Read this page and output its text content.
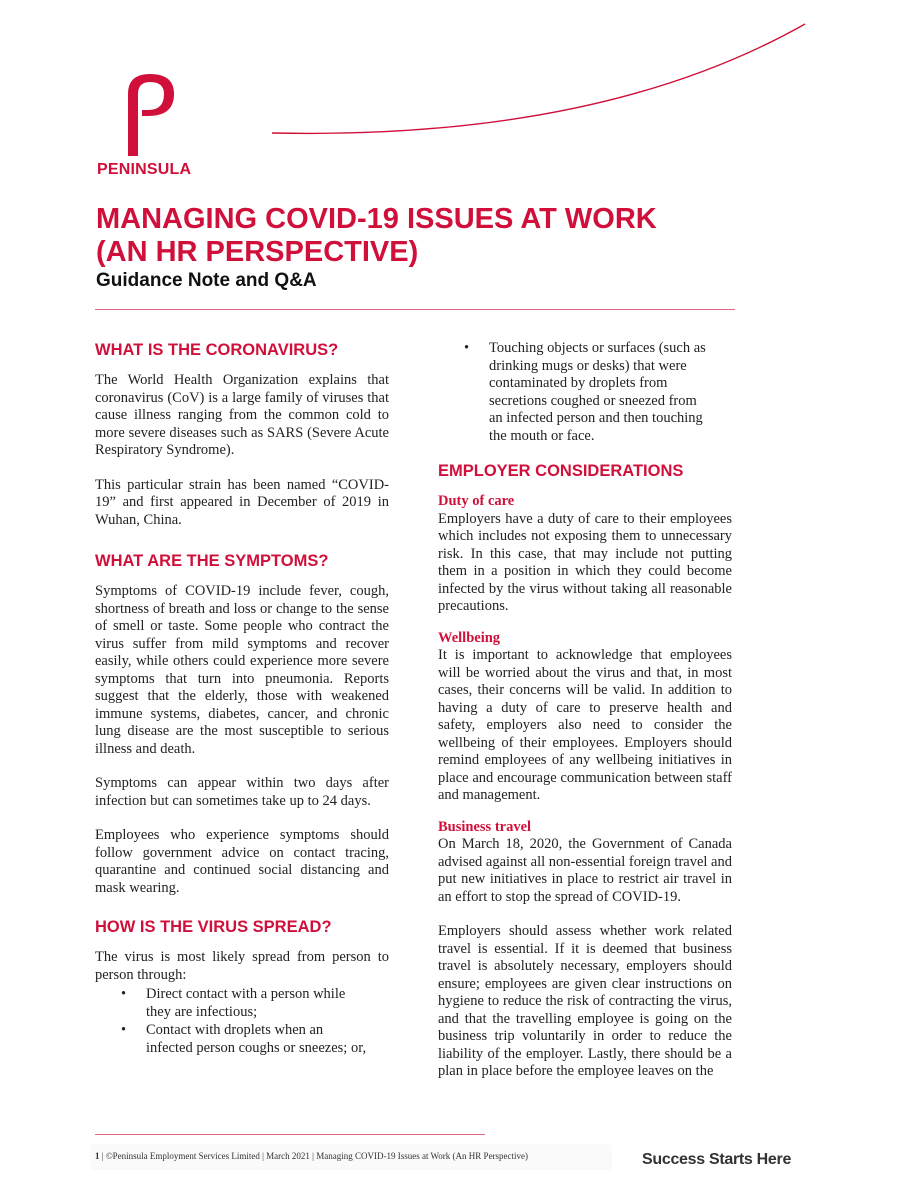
PENINSULA
MANAGING COVID-19 ISSUES AT WORK
(AN HR PERSPECTIVE)
Guidance Note and Q&A
WHAT IS THE CORONAVIRUS?

The World Health Organization explains that coronavirus (CoV) is a large family of viruses that cause illness ranging from the common cold to more severe diseases such as SARS (Severe Acute Respiratory Syndrome).

This particular strain has been named “COVID-19” and first appeared in December of 2019 in Wuhan, China.

WHAT ARE THE SYMPTOMS?

Symptoms of COVID-19 include fever, cough, shortness of breath and loss or change to the sense of smell or taste. Some people who contract the virus suffer from mild symptoms and recover easily, while others could experience more severe symptoms that turn into pneumonia. Reports suggest that the elderly, those with weakened immune systems, diabetes, cancer, and chronic lung disease are the most susceptible to serious illness and death.

Symptoms can appear within two days after infection but can sometimes take up to 24 days.

Employees who experience symptoms should follow government advice on contact tracing, quarantine and continued social distancing and mask wearing.

HOW IS THE VIRUS SPREAD?

The virus is most likely spread from person to person through:

• Direct contact with a person while they are infectious;
• Contact with droplets when an infected person coughs or sneezes; or,
• Touching objects or surfaces (such as drinking mugs or desks) that were contaminated by droplets from secretions coughed or sneezed from an infected person and then touching the mouth or face.
EMPLOYER CONSIDERATIONS
Duty of care

Employers have a duty of care to their employees which includes not exposing them to unnecessary risk. In this case, that may include not putting them in a position in which they could become infected by the virus without taking all reasonable precautions.

Wellbeing

It is important to acknowledge that employees will be worried about the virus and that, in most cases, their concerns will be valid. In addition to having a duty of care to preserve health and safety, employers also need to consider the wellbeing of their employees. Employers should remind employees of any wellbeing initiatives in place and encourage communication between staff and management.

Business travel

On March 18, 2020, the Government of Canada advised against all non-essential foreign travel and put new initiatives in place to restrict air travel in an effort to stop the spread of COVID-19.

Employers should assess whether work related travel is essential. If it is deemed that business travel is absolutely necessary, employers should ensure; employees are given clear instructions on hygiene to reduce the risk of contracting the virus, and that the travelling employee is going on the business trip voluntarily in order to reduce the liability of the employer. Lastly, there should be a plan in place before the employee leaves on the

1 | ©Peninsula Employment Services Limited | March 2021 | Managing COVID-19 Issues at Work (An HR Perspective)	Success Starts Here
